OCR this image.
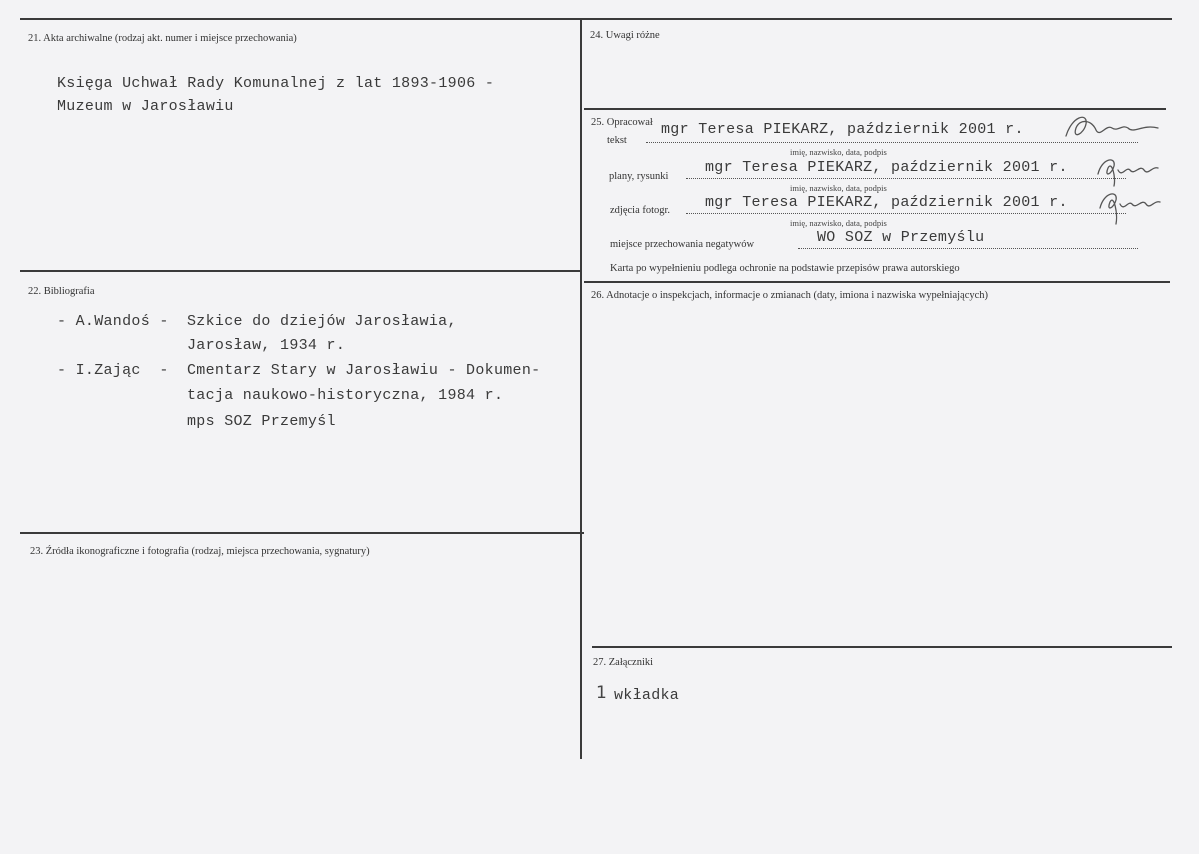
21. Akta archiwalne (rodzaj akt. numer i miejsce przechowania)
Księga Uchwał Rady Komunalnej z lat 1893-1906 -
Muzeum w Jarosławiu
22. Bibliografia
- A.Wandoś - Szkice do dziejów Jarosławia,
Jarosław, 1934 r.
- I.Zając  - Cmentarz Stary w Jarosławiu - Dokumen-
tacja naukowo-historyczna, 1984 r.
mps SOZ Przemyśl
23. Źródła ikonograficzne i fotografia (rodzaj, miejsca przechowania, sygnatury)
24. Uwagi różne
25. Opracował
tekst
mgr Teresa PIEKARZ, październik 2001 r.
imię, nazwisko, data, podpis
plany, rysunki
mgr Teresa PIEKARZ, październik 2001 r.
imię, nazwisko, data, podpis
zdjęcia fotogr. mgr Teresa PIEKARZ, październik 2001 r.
imię, nazwisko, data, podpis
miejsce przechowania negatywów	WO SOZ w Przemyślu
Karta po wypełnieniu podlega ochronie na podstawie przepisów prawa autorskiego
26. Adnotacje o inspekcjach, informacje o zmianach (daty, imiona i nazwiska wypełniających)
27. Załączniki
1 wkładka
